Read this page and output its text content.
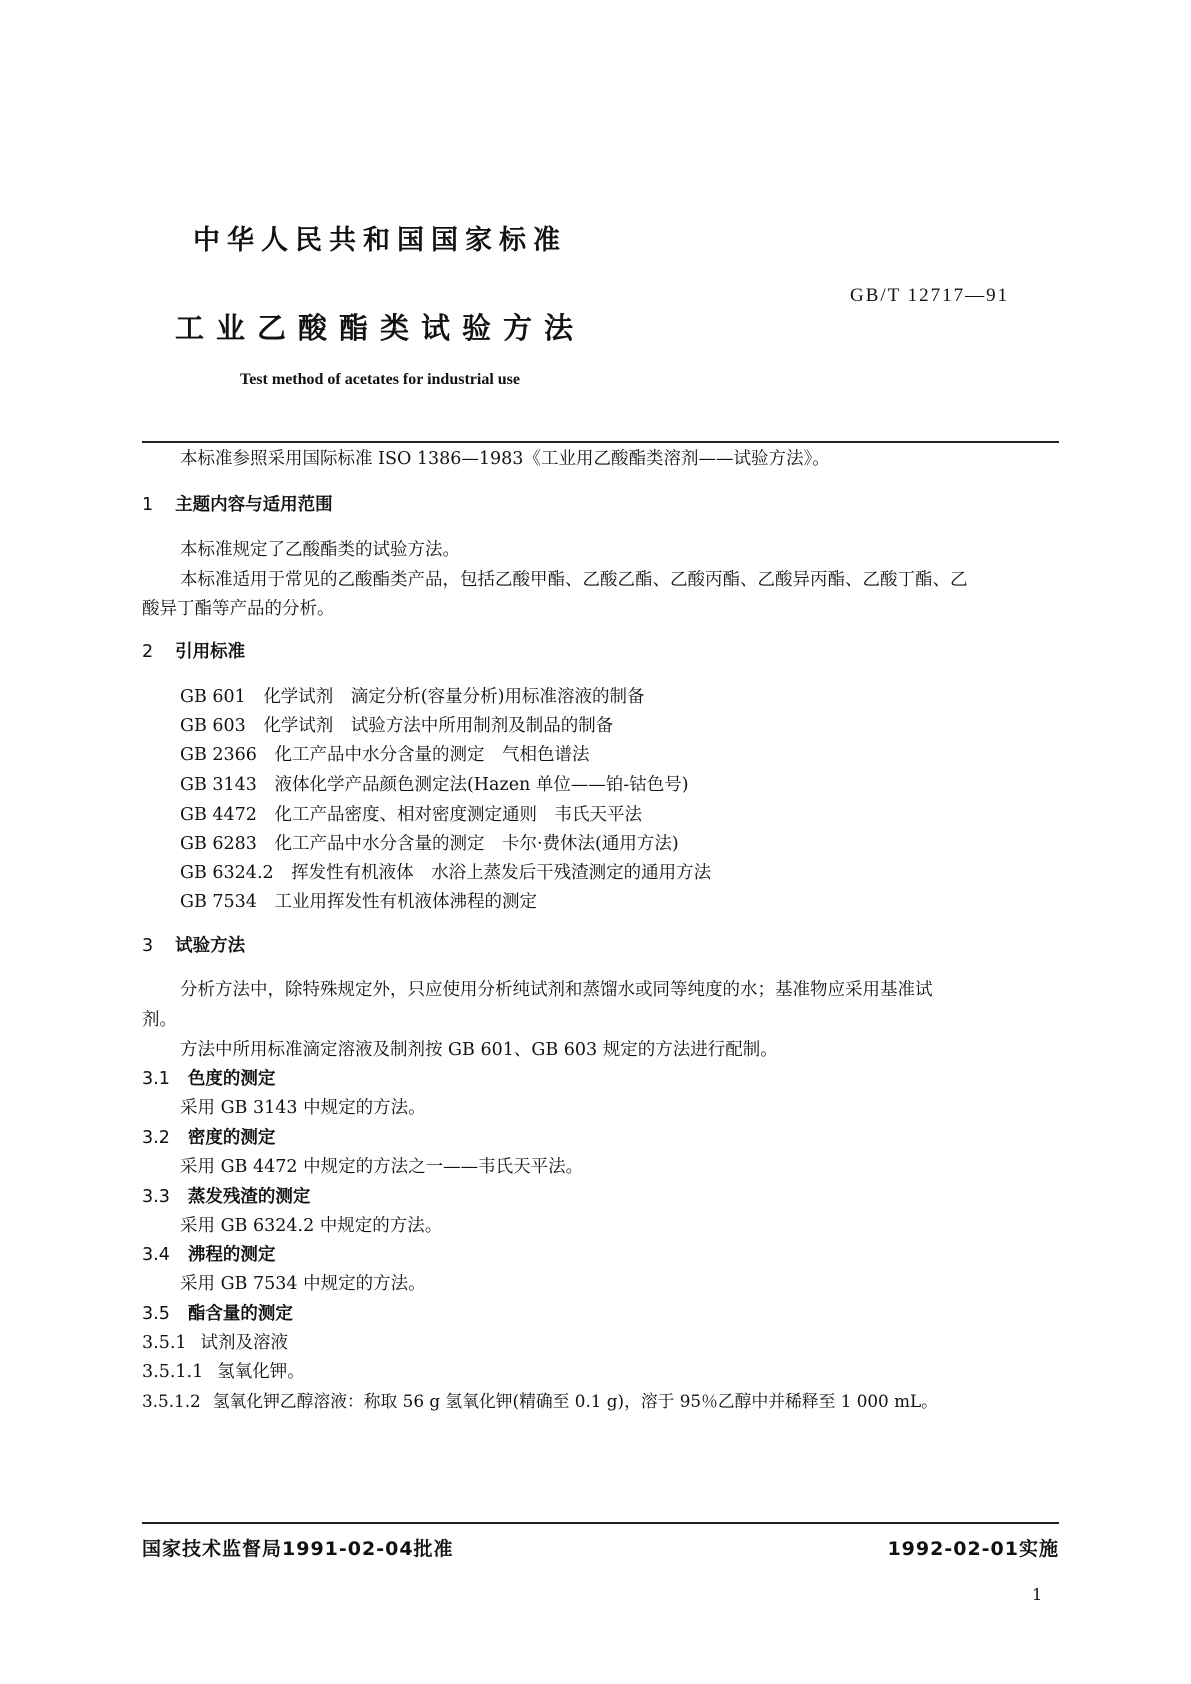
中华人民共和国国家标准
GB/T 12717—91
工业乙酸酯类试验方法
Test method of acetates for industrial use
本标准参照采用国际标准 ISO 1386—1983《工业用乙酸酯类溶剂——试验方法》。
1 主题内容与适用范围
本标准规定了乙酸酯类的试验方法。
本标准适用于常见的乙酸酯类产品，包括乙酸甲酯、乙酸乙酯、乙酸丙酯、乙酸异丙酯、乙酸丁酯、乙
酸异丁酯等产品的分析。
2 引用标准
GB 601　 化学试剂　滴定分析(容量分析)用标准溶液的制备
GB 603　 化学试剂　试验方法中所用制剂及制品的制备
GB 2366　 化工产品中水分含量的测定　气相色谱法
GB 3143　 液体化学产品颜色测定法(Hazen 单位——铂-钴色号)
GB 4472　 化工产品密度、相对密度测定通则　韦氏天平法
GB 6283　 化工产品中水分含量的测定　卡尔·费休法(通用方法)
GB 6324.2　 挥发性有机液体　水浴上蒸发后干残渣测定的通用方法
GB 7534　 工业用挥发性有机液体沸程的测定
3 试验方法
分析方法中，除特殊规定外，只应使用分析纯试剂和蒸馏水或同等纯度的水；基准物应采用基准试
剂。
方法中所用标准滴定溶液及制剂按 GB 601、GB 603 规定的方法进行配制。
3.1 色度的测定
采用 GB 3143 中规定的方法。
3.2 密度的测定
采用 GB 4472 中规定的方法之一——韦氏天平法。
3.3 蒸发残渣的测定
采用 GB 6324.2 中规定的方法。
3.4 沸程的测定
采用 GB 7534 中规定的方法。
3.5 酯含量的测定
3.5.1 试剂及溶液
3.5.1.1 氢氧化钾。
3.5.1.2 氢氧化钾乙醇溶液：称取 56 g 氢氧化钾(精确至 0.1 g)，溶于 95％乙醇中并稀释至 1 000 mL。
国家技术监督局1991-02-04批准	1992-02-01实施
1
